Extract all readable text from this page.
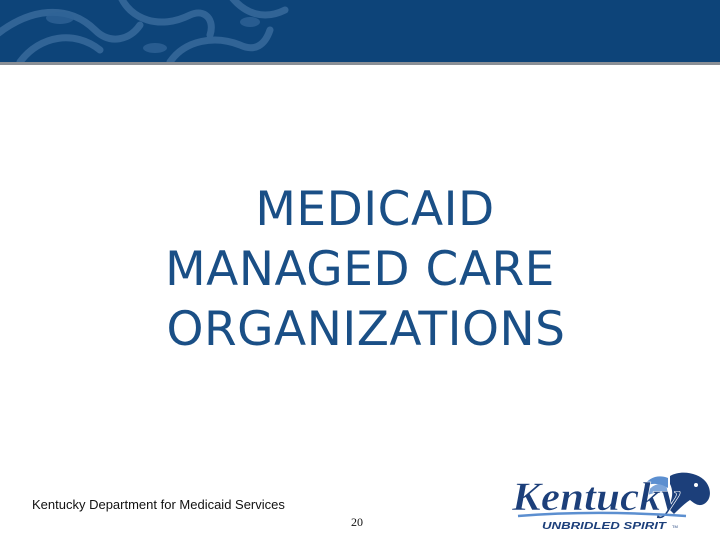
MEDICAID
MANAGED CARE
ORGANIZATIONS
Kentucky Department for Medicaid Services
20
Kentucky
UNBRIDLED SPIRIT TM
